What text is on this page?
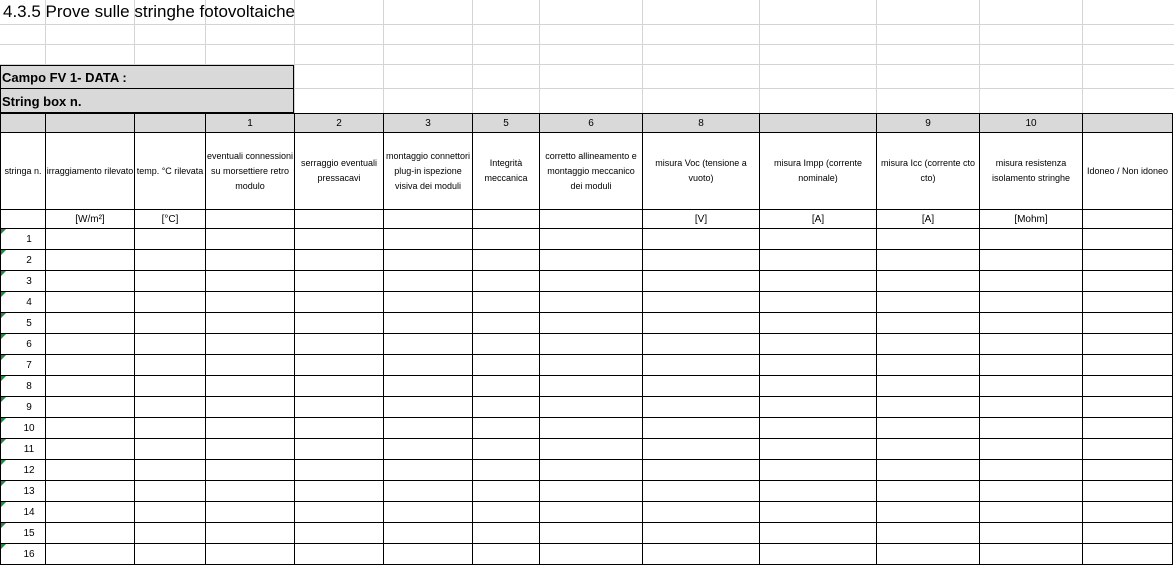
4.3.5 Prove sulle stringhe fotovoltaiche
Campo FV 1- DATA :
String box n.
			1	2	3	5	6	8		9	10	
stringa n.	irraggiamento rilevato	temp. °C rilevata	eventuali connessioni su morsettiere retro modulo	serraggio eventuali pressacavi	montaggio connettori plug-in ispezione visiva dei moduli	Integrità meccanica	corretto allineamento e montaggio meccanico dei moduli	misura Voc (tensione a vuoto)	misura Impp (corrente nominale)	misura Icc (corrente cto cto)	misura resistenza isolamento stringhe	Idoneo / Non idoneo
	[W/m²]	[°C]						[V]	[A]	[A]	[Mohm]	

1												

2												

3												

4												

5												

6												

7												

8												

9												

10												

11												

12												

13												

14												

15												

16												
